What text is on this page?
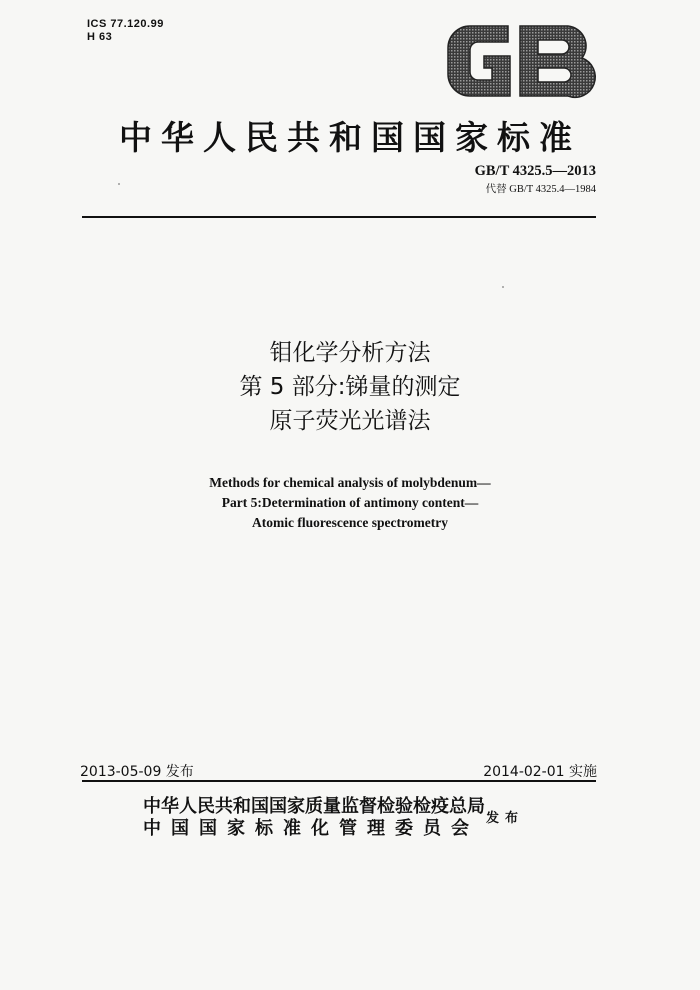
ICS 77.120.99
H 63
中华人民共和国国家标准
GB/T 4325.5—2013
代替 GB/T 4325.4—1984
钼化学分析方法
第 5 部分:锑量的测定
原子荧光光谱法
Methods for chemical analysis of molybdenum—
Part 5:Determination of antimony content—
Atomic fluorescence spectrometry
2013-05-09 发布	2014-02-01 实施
中华人民共和国国家质量监督检验检疫总局
中国国家标准化管理委员会 发布
